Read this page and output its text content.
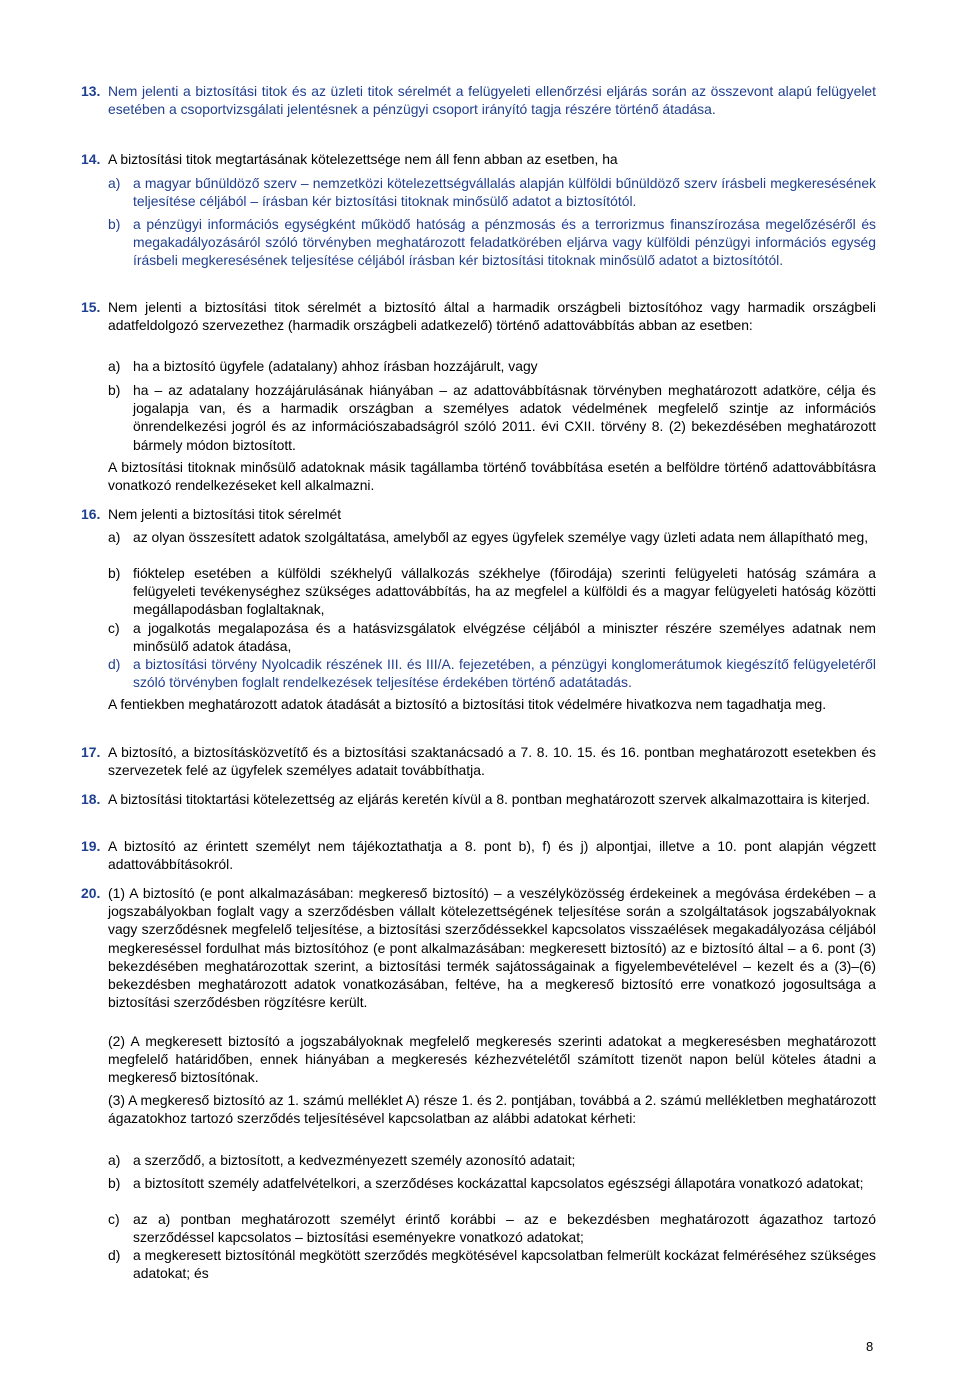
13. Nem jelenti a biztosítási titok és az üzleti titok sérelmét a felügyeleti ellenőrzési eljárás során az összevont alapú felügyelet esetében a csoportvizsgálati jelentésnek a pénzügyi csoport irányító tagja részére történő átadása.
14. A biztosítási titok megtartásának kötelezettsége nem áll fenn abban az esetben, ha
a) a magyar bűnüldöző szerv – nemzetközi kötelezettségvállalás alapján külföldi bűnüldöző szerv írásbeli megkeresésének teljesítése céljából – írásban kér biztosítási titoknak minősülő adatot a biztosítótól.
b) a pénzügyi információs egységként működő hatóság a pénzmosás és a terrorizmus finanszírozása megelőzéséről és megakadályozásáról szóló törvényben meghatározott feladatkörében eljárva vagy külföldi pénzügyi információs egység írásbeli megkeresésének teljesítése céljából írásban kér biztosítási titoknak minősülő adatot a biztosítótól.
15. Nem jelenti a biztosítási titok sérelmét a biztosító által a harmadik országbeli biztosítóhoz vagy harmadik országbeli adatfeldolgozó szervezethez (harmadik országbeli adatkezelő) történő adattovábbítás abban az esetben:
a) ha a biztosító ügyfele (adatalany) ahhoz írásban hozzájárult, vagy
b) ha – az adatalany hozzájárulásának hiányában – az adattovábbításnak törvényben meghatározott adatköre, célja és jogalapja van, és a harmadik országban a személyes adatok védelmének megfelelő szintje az információs önrendelkezési jogról és az információszabadságról szóló 2011. évi CXII. törvény 8. (2) bekezdésében meghatározott bármely módon biztosított.
A biztosítási titoknak minősülő adatoknak másik tagállamba történő továbbítása esetén a belföldre történő adattovábbításra vonatkozó rendelkezéseket kell alkalmazni.
16. Nem jelenti a biztosítási titok sérelmét
a) az olyan összesített adatok szolgáltatása, amelyből az egyes ügyfelek személye vagy üzleti adata nem állapítható meg,
b) fióktelep esetében a külföldi székhelyű vállalkozás székhelye (főirodája) szerinti felügyeleti hatóság számára a felügyeleti tevékenységhez szükséges adattovábbítás, ha az megfelel a külföldi és a magyar felügyeleti hatóság közötti megállapodásban foglaltaknak,
c) a jogalkotás megalapozása és a hatásvizsgálatok elvégzése céljából a miniszter részére személyes adatnak nem minősülő adatok átadása,
d) a biztosítási törvény Nyolcadik részének III. és III/A. fejezetében, a pénzügyi konglomerátumok kiegészítő felügyeletéről szóló törvényben foglalt rendelkezések teljesítése érdekében történő adatátadás.
A fentiekben meghatározott adatok átadását a biztosító a biztosítási titok védelmére hivatkozva nem tagadhatja meg.
17. A biztosító, a biztosításközvetítő és a biztosítási szaktanácsadó a 7. 8. 10. 15. és 16. pontban meghatározott esetekben és szervezetek felé az ügyfelek személyes adatait továbbíthatja.
18. A biztosítási titoktartási kötelezettség az eljárás keretén kívül a 8. pontban meghatározott szervek alkalmazottaira is kiterjed.
19. A biztosító az érintett személyt nem tájékoztathatja a 8. pont b), f) és j) alpontjai, illetve a 10. pont alapján végzett adattovábbításokról.
20. (1) A biztosító (e pont alkalmazásában: megkereső biztosító) – a veszélyközösség érdekeinek a megóvása érdekében – a jogszabályokban foglalt vagy a szerződésben vállalt kötelezettségének teljesítése során a szolgáltatások jogszabályoknak vagy szerződésnek megfelelő teljesítése, a biztosítási szerződéssekkel kapcsolatos visszaélések megakadályozása céljából megkereséssel fordulhat más biztosítóhoz (e pont alkalmazásában: megkeresett biztosító) az e biztosító által – a 6. pont (3) bekezdésében meghatározottak szerint, a biztosítási termék sajátosságainak a figyelembevételével – kezelt és a (3)–(6) bekezdésben meghatározott adatok vonatkozásában, feltéve, ha a megkereső biztosító erre vonatkozó jogosultsága a biztosítási szerződésben rögzítésre került.
(2) A megkeresett biztosító a jogszabályoknak megfelelő megkeresés szerinti adatokat a megkeresésben meghatározott megfelelő határidőben, ennek hiányában a megkeresés kézhezvételétől számított tizenöt napon belül köteles átadni a megkereső biztosítónak.
(3) A megkereső biztosító az 1. számú melléklet A) része 1. és 2. pontjában, továbbá a 2. számú mellékletben meghatározott ágazatokhoz tartozó szerződés teljesítésével kapcsolatban az alábbi adatokat kérheti:
a) a szerződő, a biztosított, a kedvezményezett személy azonosító adatait;
b) a biztosított személy adatfelvételkori, a szerződéses kockázattal kapcsolatos egészségi állapotára vonatkozó adatokat;
c) az a) pontban meghatározott személyt érintő korábbi – az e bekezdésben meghatározott ágazathoz tartozó szerződéssel kapcsolatos – biztosítási eseményekre vonatkozó adatokat;
d) a megkeresett biztosítónál megkötött szerződés megkötésével kapcsolatban felmerült kockázat felméréséhez szükséges adatokat; és
8
